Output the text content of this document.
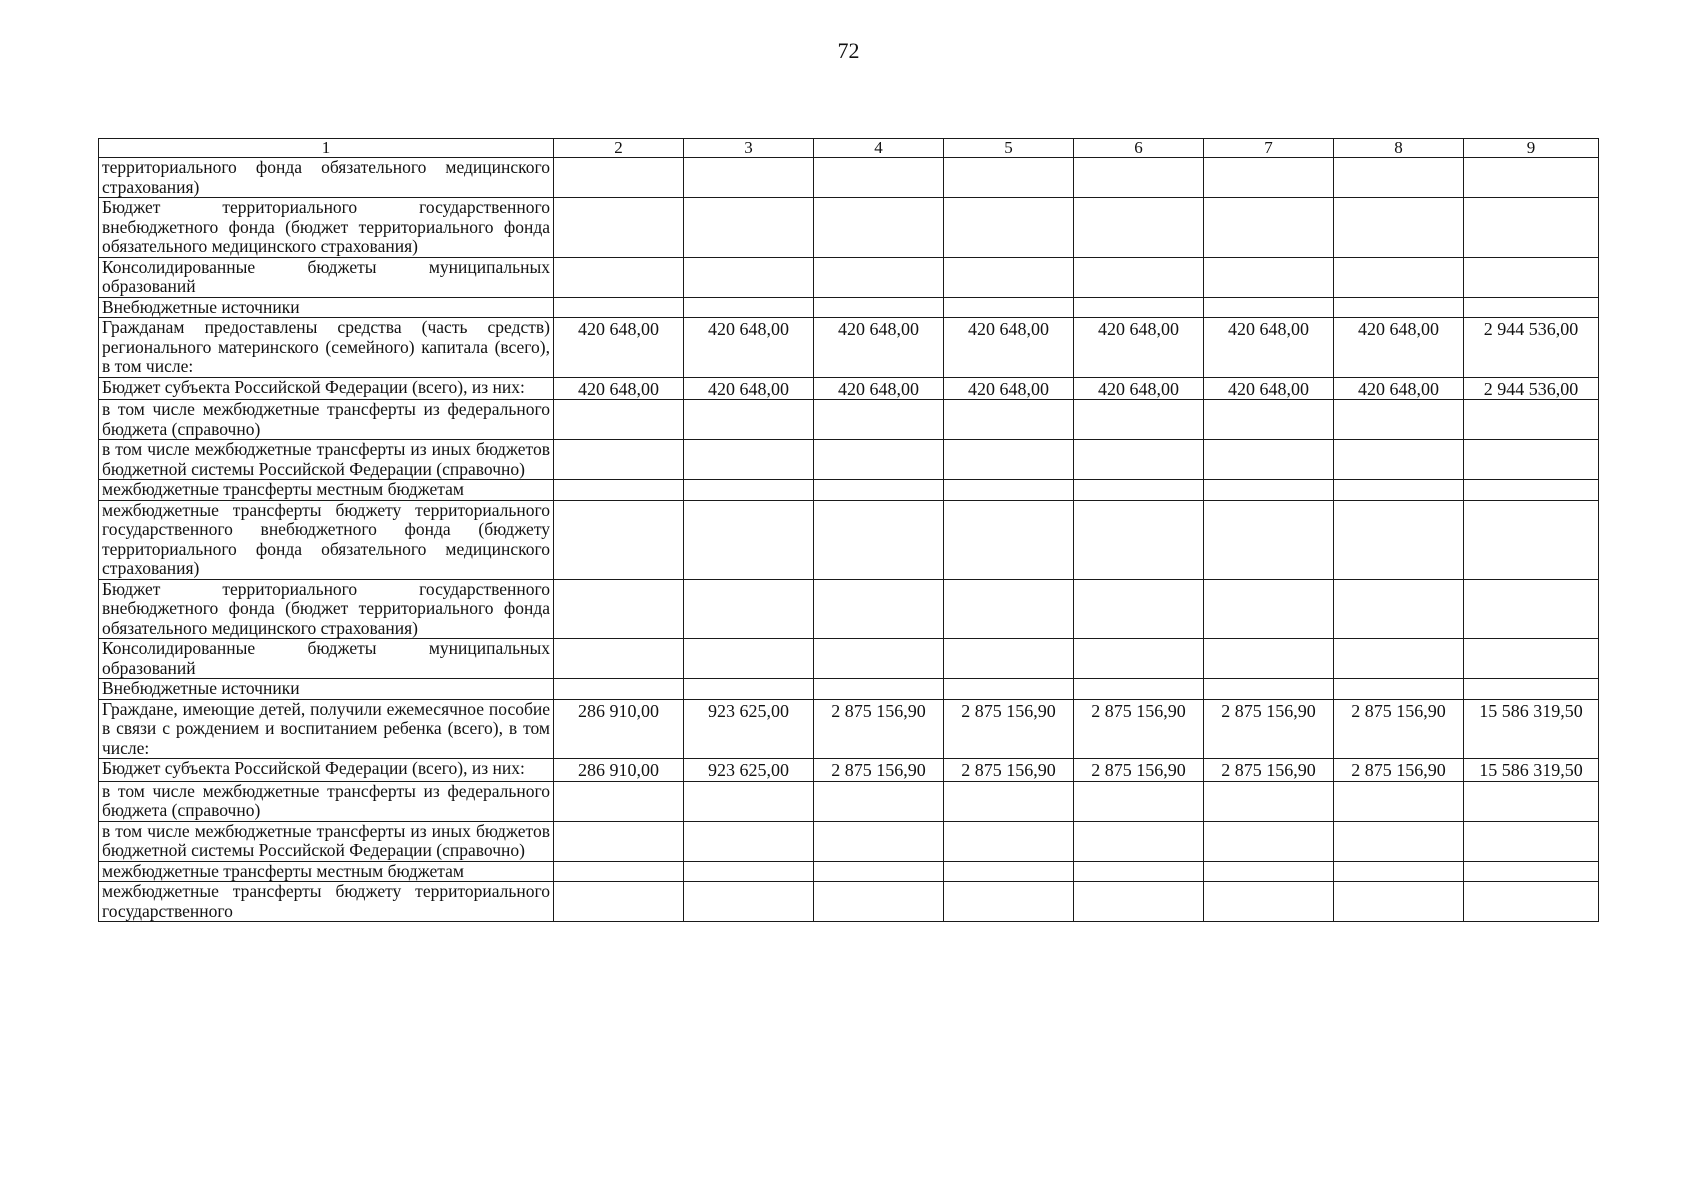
72
1	2	3	4	5	6	7	8	9
территориального фонда обязательного медицинского страхования)								
Бюджет территориального государственного внебюджетного фонда (бюджет территориального фонда обязательного медицинского страхования)								
Консолидированные бюджеты муниципальных образований								
Внебюджетные источники								
Гражданам предоставлены средства (часть средств) регионального материнского (семейного) капитала (всего), в том числе:	420 648,00	420 648,00	420 648,00	420 648,00	420 648,00	420 648,00	420 648,00	2 944 536,00
Бюджет субъекта Российской Федерации (всего), из них:	420 648,00	420 648,00	420 648,00	420 648,00	420 648,00	420 648,00	420 648,00	2 944 536,00
в том числе межбюджетные трансферты из федерального бюджета (справочно)								
в том числе межбюджетные трансферты из иных бюджетов бюджетной системы Российской Федерации (справочно)								
межбюджетные трансферты местным бюджетам								
межбюджетные трансферты бюджету территориального государственного внебюджетного фонда (бюджету территориального фонда обязательного медицинского страхования)								
Бюджет территориального государственного внебюджетного фонда (бюджет территориального фонда обязательного медицинского страхования)								
Консолидированные бюджеты муниципальных образований								
Внебюджетные источники								
Граждане, имеющие детей, получили ежемесячное пособие в связи с рождением и воспитанием ребенка (всего), в том числе:	286 910,00	923 625,00	2 875 156,90	2 875 156,90	2 875 156,90	2 875 156,90	2 875 156,90	15 586 319,50
Бюджет субъекта Российской Федерации (всего), из них:	286 910,00	923 625,00	2 875 156,90	2 875 156,90	2 875 156,90	2 875 156,90	2 875 156,90	15 586 319,50
в том числе межбюджетные трансферты из федерального бюджета (справочно)								
в том числе межбюджетные трансферты из иных бюджетов бюджетной системы Российской Федерации (справочно)								
межбюджетные трансферты местным бюджетам								
межбюджетные трансферты бюджету территориального государственного								
